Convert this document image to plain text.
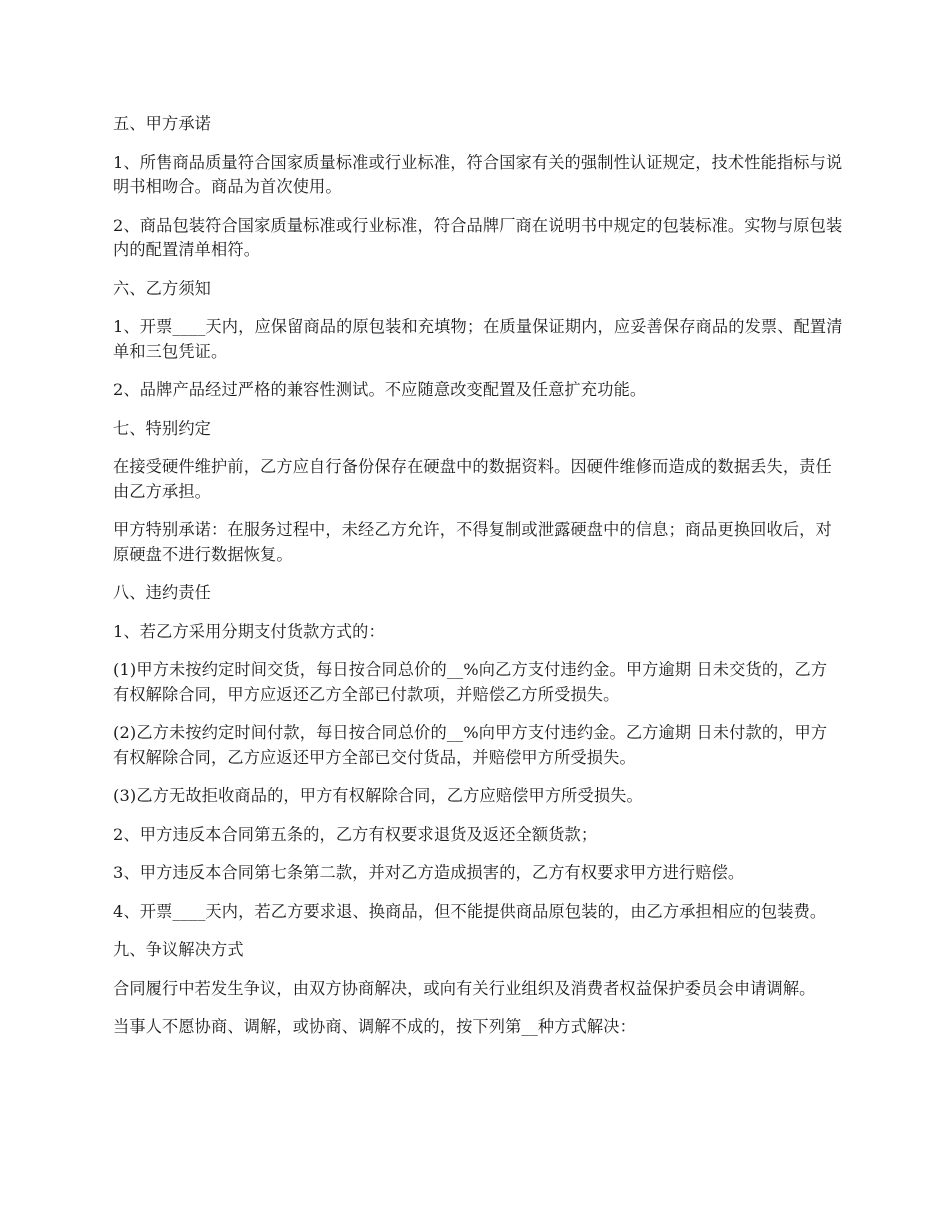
五、甲方承诺

1、所售商品质量符合国家质量标准或行业标准，符合国家有关的强制性认证规定，技术性能指标与说明书相吻合。商品为首次使用。

2、商品包装符合国家质量标准或行业标准，符合品牌厂商在说明书中规定的包装标准。实物与原包装内的配置清单相符。

六、乙方须知

1、开票____天内，应保留商品的原包装和充填物；在质量保证期内，应妥善保存商品的发票、配置清单和三包凭证。

2、品牌产品经过严格的兼容性测试。不应随意改变配置及任意扩充功能。

七、特别约定

在接受硬件维护前，乙方应自行备份保存在硬盘中的数据资料。因硬件维修而造成的数据丢失，责任由乙方承担。

甲方特别承诺：在服务过程中，未经乙方允许，不得复制或泄露硬盘中的信息；商品更换回收后，对原硬盘不进行数据恢复。

八、违约责任

1、若乙方采用分期支付货款方式的：

(1)甲方未按约定时间交货，每日按合同总价的__%向乙方支付违约金。甲方逾期 日未交货的，乙方有权解除合同，甲方应返还乙方全部已付款项，并赔偿乙方所受损失。

(2)乙方未按约定时间付款，每日按合同总价的__%向甲方支付违约金。乙方逾期 日未付款的，甲方有权解除合同，乙方应返还甲方全部已交付货品，并赔偿甲方所受损失。

(3)乙方无故拒收商品的，甲方有权解除合同，乙方应赔偿甲方所受损失。

2、甲方违反本合同第五条的，乙方有权要求退货及返还全额货款；

3、甲方违反本合同第七条第二款，并对乙方造成损害的，乙方有权要求甲方进行赔偿。

4、开票____天内，若乙方要求退、换商品，但不能提供商品原包装的，由乙方承担相应的包装费。

九、争议解决方式

合同履行中若发生争议，由双方协商解决，或向有关行业组织及消费者权益保护委员会申请调解。

当事人不愿协商、调解，或协商、调解不成的，按下列第__种方式解决：
